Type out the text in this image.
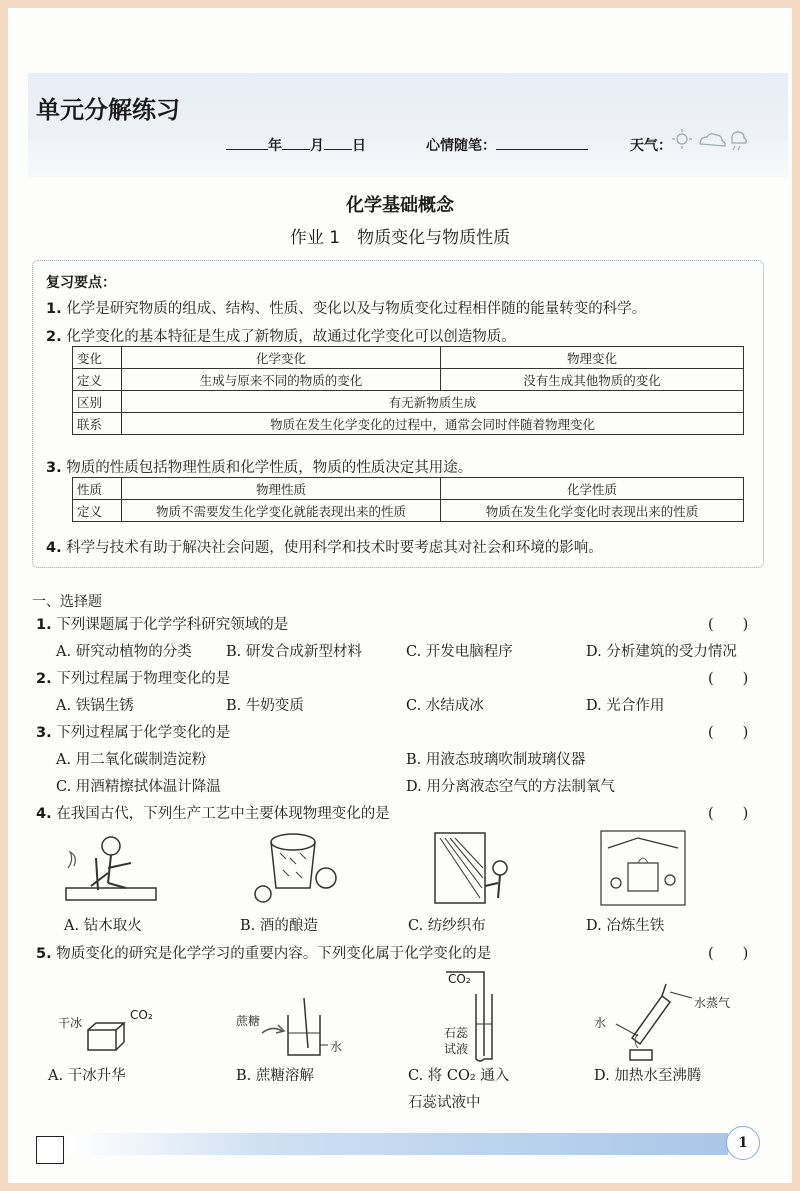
单元分解练习
年 月 日	心情随笔：	天气：
化学基础概念
作业 1　物质变化与物质性质
复习要点：
1. 化学是研究物质的组成、结构、性质、变化以及与物质变化过程相伴随的能量转变的科学。
2. 化学变化的基本特征是生成了新物质，故通过化学变化可以创造物质。
变化	化学变化	物理变化
定义	生成与原来不同的物质的变化	没有生成其他物质的变化
区别	有无新物质生成	
联系	物质在发生化学变化的过程中，通常会同时伴随着物理变化	
3. 物质的性质包括物理性质和化学性质，物质的性质决定其用途。
性质	物理性质	化学性质
定义	物质不需要发生化学变化就能表现出来的性质	物质在发生化学变化时表现出来的性质
4. 科学与技术有助于解决社会问题，使用科学和技术时要考虑其对社会和环境的影响。
一、选择题
1. 下列课题属于化学学科研究领域的是	(　　)
A. 研究动植物的分类 B. 研发合成新型材料	C. 开发电脑程序	D. 分析建筑的受力情况
2. 下列过程属于物理变化的是	(　　)
A. 铁锅生锈	B. 牛奶变质	C. 水结成冰	D. 光合作用
3. 下列过程属于化学变化的是	(　　)
A. 用二氧化碳制造淀粉	B. 用液态玻璃吹制玻璃仪器
C. 用酒精擦拭体温计降温	D. 用分离液态空气的方法制氧气
4. 在我国古代，下列生产工艺中主要体现物理变化的是	(　　)
A. 钻木取火	B. 酒的酿造	C. 纺纱织布	D. 冶炼生铁
5. 物质变化的研究是化学学习的重要内容。下列变化属于化学变化的是	(　　)
干冰
CO₂	蔗糖
水
CO₂
石蕊
试液
水
水蒸气
A. 干冰升华	B. 蔗糖溶解	C. 将 CO₂ 通入
石蕊试液中
D. 加热水至沸腾
1
